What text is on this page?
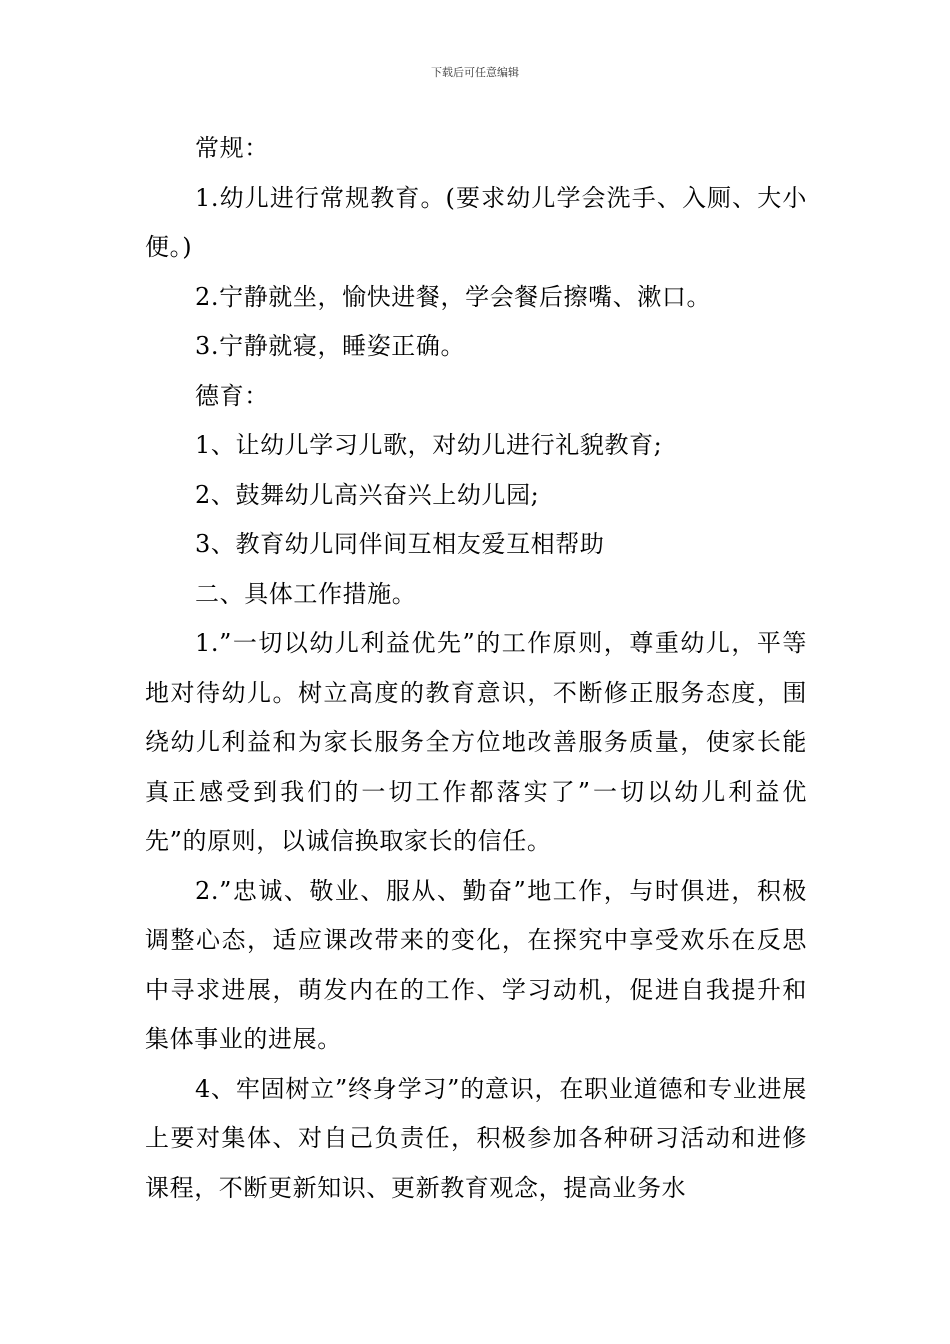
下载后可任意编辑

常规：

1.幼儿进行常规教育。(要求幼儿学会洗手、入厕、大小便。)

2.宁静就坐，愉快进餐，学会餐后擦嘴、漱口。

3.宁静就寝，睡姿正确。

德育：

1、让幼儿学习儿歌，对幼儿进行礼貌教育;

2、鼓舞幼儿高兴奋兴上幼儿园;

3、教育幼儿同伴间互相友爱互相帮助

二、具体工作措施。

1.”一切以幼儿利益优先”的工作原则，尊重幼儿，平等地对待幼儿。树立高度的教育意识，不断修正服务态度，围绕幼儿利益和为家长服务全方位地改善服务质量，使家长能真正感受到我们的一切工作都落实了”一切以幼儿利益优先”的原则，以诚信换取家长的信任。

2.”忠诚、敬业、服从、勤奋”地工作，与时俱进，积极调整心态，适应课改带来的变化，在探究中享受欢乐在反思中寻求进展，萌发内在的工作、学习动机，促进自我提升和集体事业的进展。

4、牢固树立”终身学习”的意识，在职业道德和专业进展上要对集体、对自己负责任，积极参加各种研习活动和进修课程，不断更新知识、更新教育观念，提高业务水
